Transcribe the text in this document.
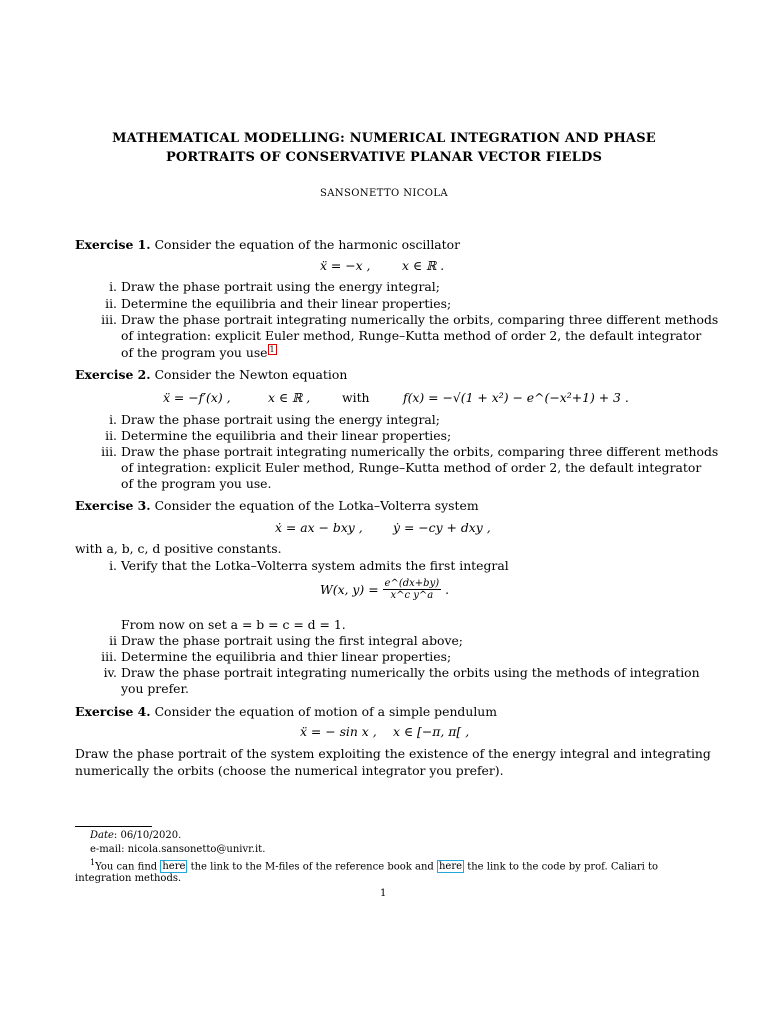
MATHEMATICAL MODELLING: NUMERICAL INTEGRATION AND PHASE
PORTRAITS OF CONSERVATIVE PLANAR VECTOR FIELDS
SANSONETTO NICOLA
Exercise 1. Consider the equation of the harmonic oscillator
ẍ = −x ,	x ∈ ℝ .
i. Draw the phase portrait using the energy integral;
ii. Determine the equilibria and their linear properties;
iii. Draw the phase portrait integrating numerically the orbits, comparing three different methods
of integration: explicit Euler method, Runge–Kutta method of order 2, the default integrator
of the program you use 1
Exercise 2. Consider the Newton equation
ẍ = −f′(x) ,	x ∈ ℝ ,	with	f(x) = −√(1 + x²) − e^(−x²+1) + 3 .
i. Draw the phase portrait using the energy integral;
ii. Determine the equilibria and their linear properties;
iii. Draw the phase portrait integrating numerically the orbits, comparing three different methods
of integration: explicit Euler method, Runge–Kutta method of order 2, the default integrator
of the program you use.
Exercise 3. Consider the equation of the Lotka–Volterra system
ẋ = ax − bxy , ẏ = −cy + dxy ,
with a, b, c, d positive constants.
i. Verify that the Lotka–Volterra system admits the first integral
W(x, $y) = \frac{e\^{}(dx+by)}{\text{x\textasciicircum{}c y\textasciicircum{}a}}$ .
From now on set a = b = c = d = 1.
ii Draw the phase portrait using the first integral above;
iii. Determine the equilibria and thier linear properties;
iv. Draw the phase portrait integrating numerically the orbits using the methods of integration
you prefer.
Exercise 4. Consider the equation of motion of a simple pendulum
ẍ = − sin x , x ∈ [−π, π[ ,
Draw the phase portrait of the system exploiting the existence of the energy integral and integrating
numerically the orbits (choose the numerical integrator you prefer).
Date: 06/10/2020.
e-mail: nicola.sansonetto@univr.it.
$^1$You can find here the link to the M-files of the reference book and here the link to the code by prof. Caliari to
integration methods.
1
